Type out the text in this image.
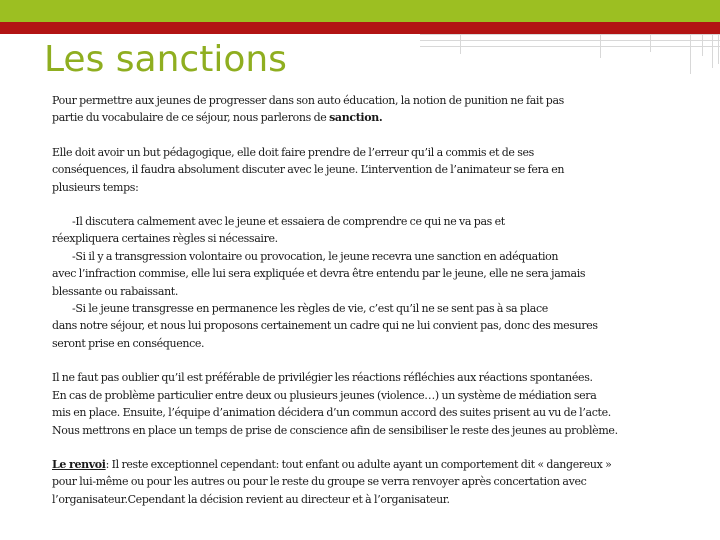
Les sanctions

Pour permettre aux jeunes de progresser dans son auto éducation, la notion de punition ne fait pas
partie du vocabulaire de ce séjour, nous parlerons de sanction.

Elle doit avoir un but pédagogique, elle doit faire prendre de l’erreur qu’il a commis et de ses
conséquences, il faudra absolument discuter avec le jeune. L’intervention de l’animateur se fera en
plusieurs temps:

-Il discutera calmement avec le jeune et essaiera de comprendre ce qui ne va pas et
réexpliquera certaines règles si nécessaire.
-Si il y a transgression volontaire ou provocation, le jeune recevra une sanction en adéquation
avec l’infraction commise, elle lui sera expliquée et devra être entendu par le jeune, elle ne sera jamais
blessante ou rabaissant.
-Si le jeune transgresse en permanence les règles de vie, c’est qu’il ne se sent pas à sa place
dans notre séjour, et nous lui proposons certainement un cadre qui ne lui convient pas, donc des mesures
seront prise en conséquence.

Il ne faut pas oublier qu’il est préférable de privilégier les réactions réfléchies aux réactions spontanées.
En cas de problème particulier entre deux ou plusieurs jeunes (violence…) un système de médiation sera
mis en place. Ensuite, l’équipe d’animation décidera d’un commun accord des suites prisent au vu de l’acte.
Nous mettrons en place un temps de prise de conscience afin de sensibiliser le reste des jeunes au problème.

Le renvoi: Il reste exceptionnel cependant: tout enfant ou adulte ayant un comportement dit « dangereux »
pour lui-même ou pour les autres ou pour le reste du groupe se verra renvoyer après concertation avec
l’organisateur.Cependant la décision revient au directeur et à l’organisateur.
